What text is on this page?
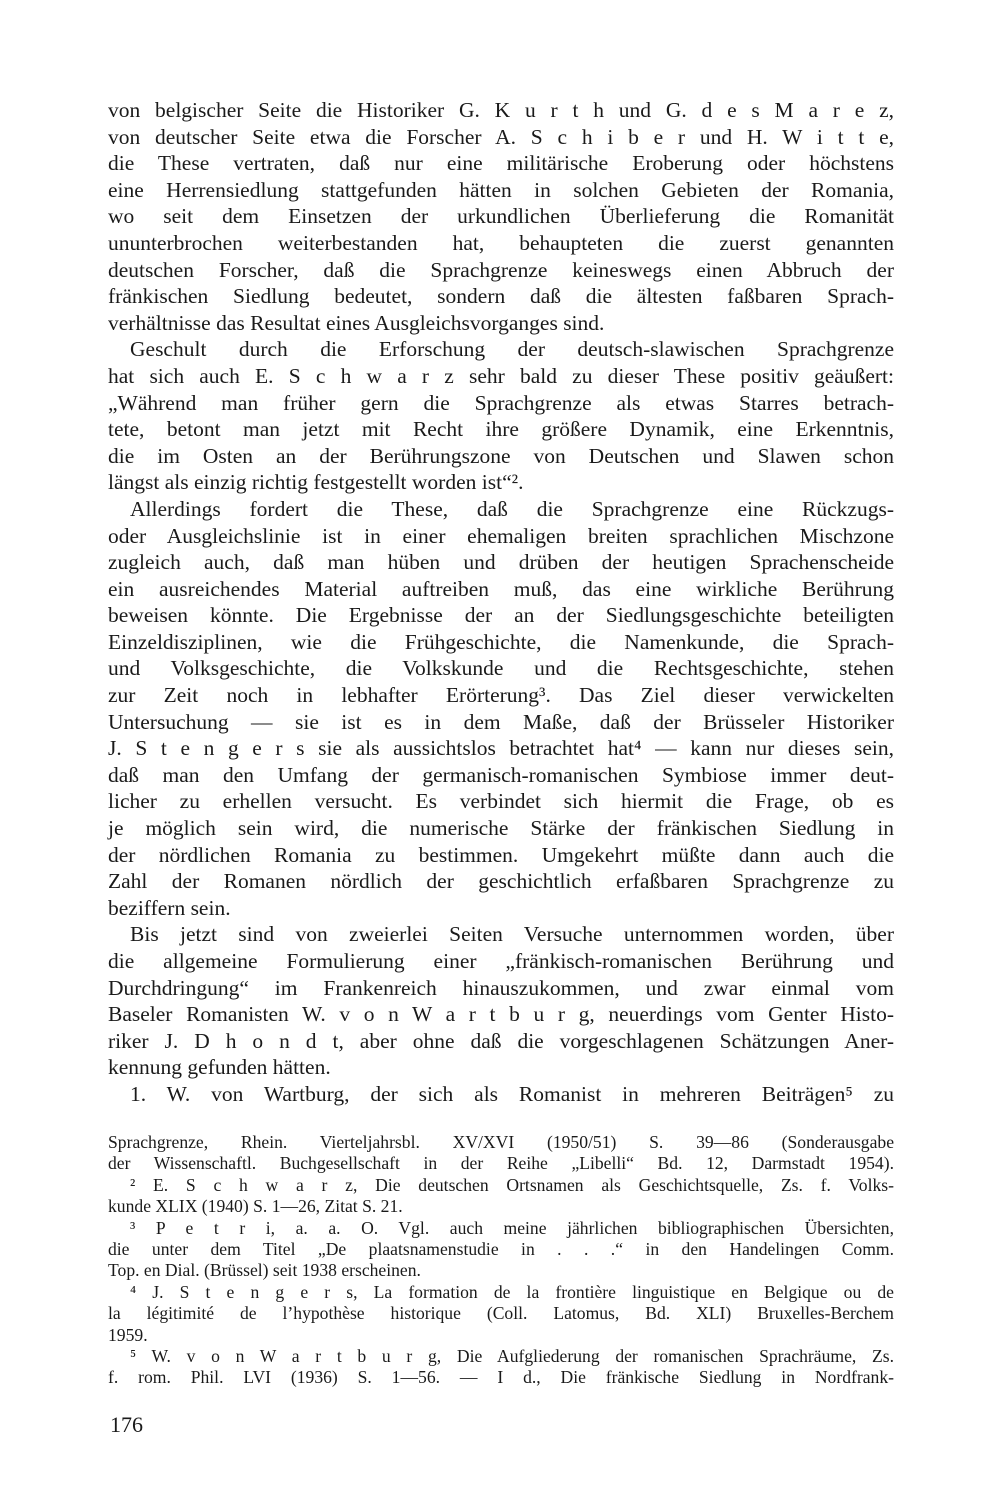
von belgischer Seite die Historiker G. K u r t h und G. d e s M a r e z,
von deutscher Seite etwa die Forscher A. S c h i b e r und H. W i t t e,
die These vertraten, daß nur eine militärische Eroberung oder höchstens
eine Herrensiedlung stattgefunden hätten in solchen Gebieten der Romania,
wo seit dem Einsetzen der urkundlichen Überlieferung die Romanität
ununterbrochen weiterbestanden hat, behaupteten die zuerst genannten
deutschen Forscher, daß die Sprachgrenze keineswegs einen Abbruch der
fränkischen Siedlung bedeutet, sondern daß die ältesten faßbaren Sprach-
verhältnisse das Resultat eines Ausgleichsvorganges sind.
Geschult durch die Erforschung der deutsch-slawischen Sprachgrenze
hat sich auch E. S c h w a r z sehr bald zu dieser These positiv geäußert:
„Während man früher gern die Sprachgrenze als etwas Starres betrach-
tete, betont man jetzt mit Recht ihre größere Dynamik, eine Erkenntnis,
die im Osten an der Berührungszone von Deutschen und Slawen schon
längst als einzig richtig festgestellt worden ist“².
Allerdings fordert die These, daß die Sprachgrenze eine Rückzugs-
oder Ausgleichslinie ist in einer ehemaligen breiten sprachlichen Mischzone
zugleich auch, daß man hüben und drüben der heutigen Sprachenscheide
ein ausreichendes Material auftreiben muß, das eine wirkliche Berührung
beweisen könnte. Die Ergebnisse der an der Siedlungsgeschichte beteiligten
Einzeldisziplinen, wie die Frühgeschichte, die Namenkunde, die Sprach-
und Volksgeschichte, die Volkskunde und die Rechtsgeschichte, stehen
zur Zeit noch in lebhafter Erörterung³. Das Ziel dieser verwickelten
Untersuchung — sie ist es in dem Maße, daß der Brüsseler Historiker
J. S t e n g e r s sie als aussichtslos betrachtet hat⁴ — kann nur dieses sein,
daß man den Umfang der germanisch-romanischen Symbiose immer deut-
licher zu erhellen versucht. Es verbindet sich hiermit die Frage, ob es
je möglich sein wird, die numerische Stärke der fränkischen Siedlung in
der nördlichen Romania zu bestimmen. Umgekehrt müßte dann auch die
Zahl der Romanen nördlich der geschichtlich erfaßbaren Sprachgrenze zu
beziffern sein.
Bis jetzt sind von zweierlei Seiten Versuche unternommen worden, über
die allgemeine Formulierung einer „fränkisch-romanischen Berührung und
Durchdringung“ im Frankenreich hinauszukommen, und zwar einmal vom
Baseler Romanisten W. v o n W a r t b u r g, neuerdings vom Genter Histo-
riker J. D h o n d t, aber ohne daß die vorgeschlagenen Schätzungen Aner-
kennung gefunden hätten.
1. W. von Wartburg, der sich als Romanist in mehreren Beiträgen⁵ zu
Sprachgrenze, Rhein. Vierteljahrsbl. XV/XVI (1950/51) S. 39—86 (Sonderausgabe
der Wissenschaftl. Buchgesellschaft in der Reihe „Libelli“ Bd. 12, Darmstadt 1954).
² E. S c h w a r z, Die deutschen Ortsnamen als Geschichtsquelle, Zs. f. Volks-
kunde XLIX (1940) S. 1—26, Zitat S. 21.
³ P e t r i, a. a. O. Vgl. auch meine jährlichen bibliographischen Übersichten,
die unter dem Titel „De plaatsnamenstudie in . . .“ in den Handelingen Comm.
Top. en Dial. (Brüssel) seit 1938 erscheinen.
⁴ J. S t e n g e r s, La formation de la frontière linguistique en Belgique ou de
la légitimité de l’hypothèse historique (Coll. Latomus, Bd. XLI) Bruxelles-Berchem
1959.
⁵ W. v o n W a r t b u r g, Die Aufgliederung der romanischen Sprachräume, Zs.
f. rom. Phil. LVI (1936) S. 1—56. — I d., Die fränkische Siedlung in Nordfrank-
176
